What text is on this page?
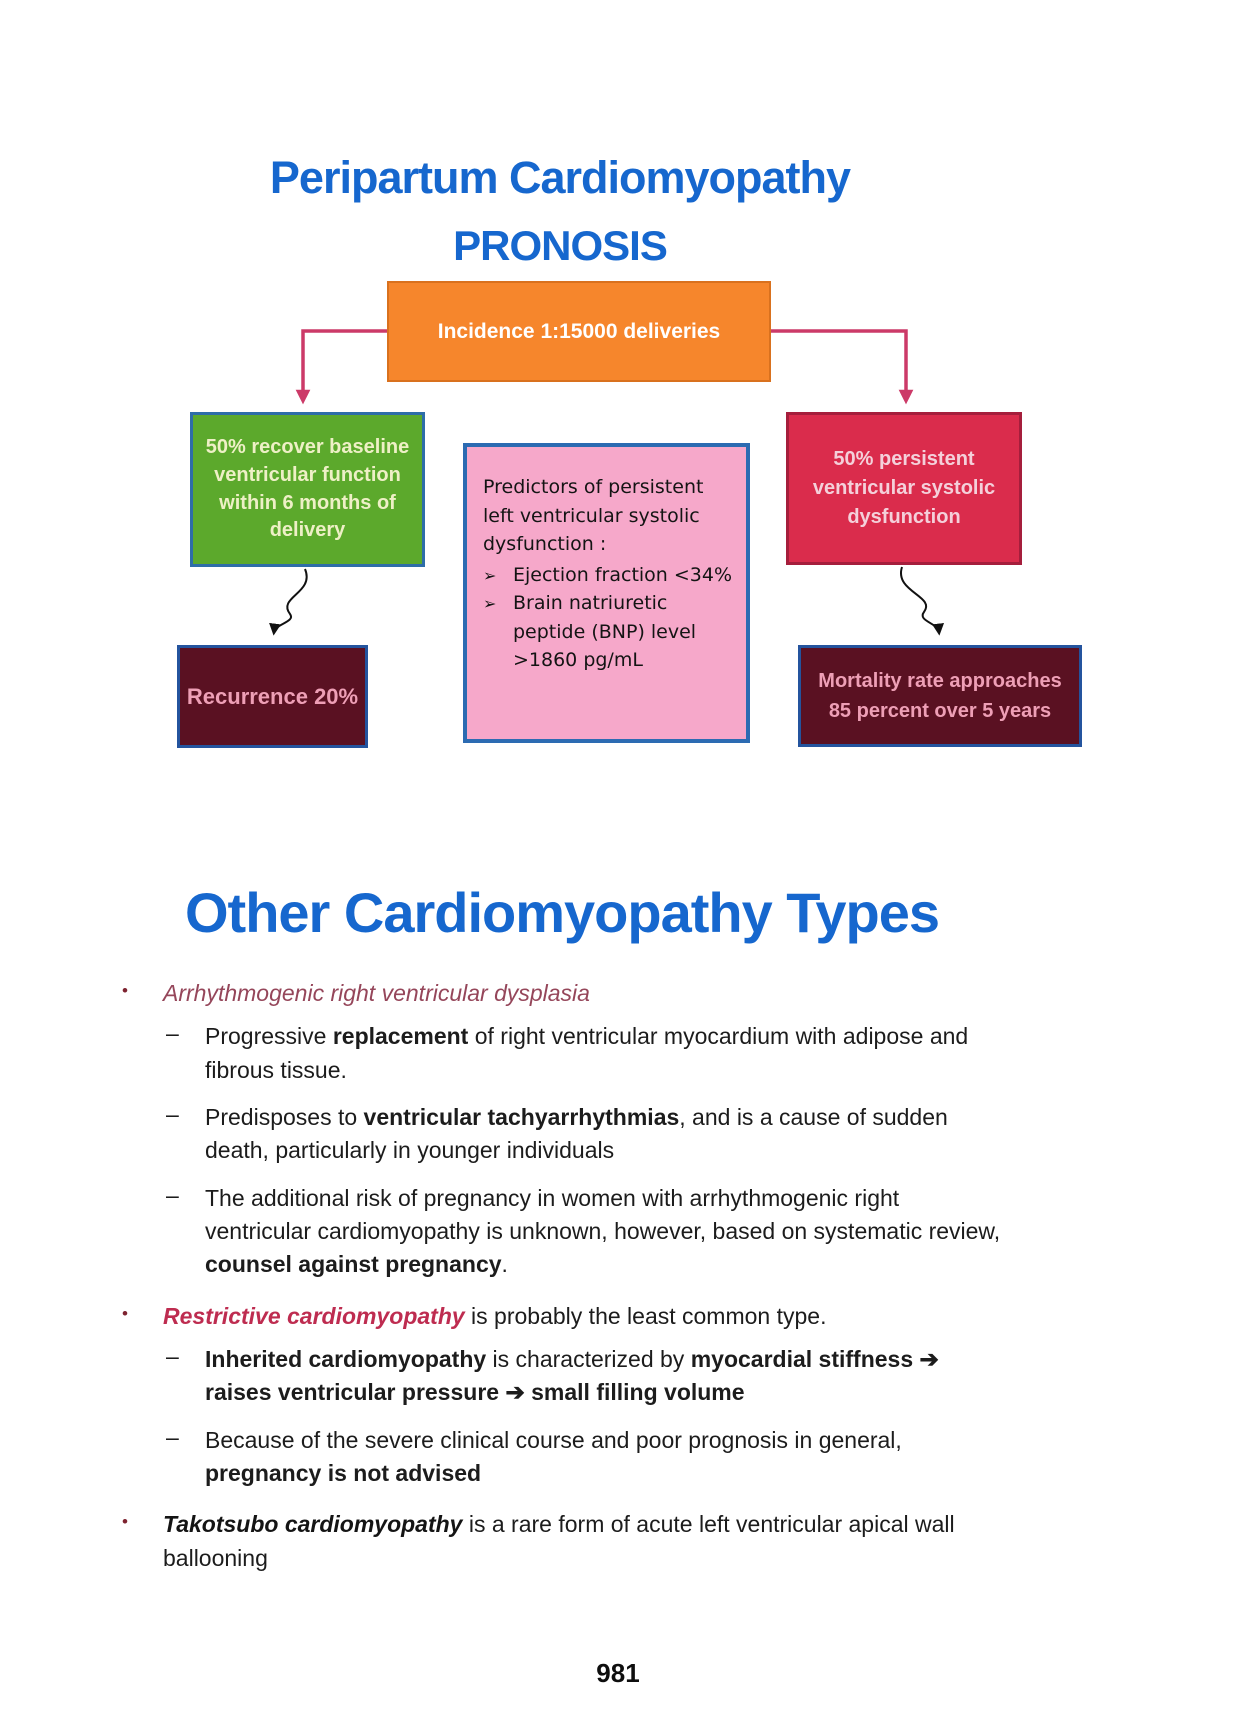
Peripartum Cardiomyopathy
PRONOSIS
Incidence 1:15000 deliveries
50% recover baseline ventricular function within 6 months of delivery
50% persistent ventricular systolic dysfunction
Predictors of persistent left ventricular systolic dysfunction :
➢ Ejection fraction <34%
➢ Brain natriuretic peptide (BNP) level >1860 pg/mL
Recurrence 20%
Mortality rate approaches 85 percent over 5 years
Other Cardiomyopathy Types
•	Arrhythmogenic right ventricular dysplasia
–	Progressive replacement of right ventricular myocardium with adipose and fibrous tissue.
–	Predisposes to ventricular tachyarrhythmias, and is a cause of sudden death, particularly in younger individuals
–	The additional risk of pregnancy in women with arrhythmogenic right ventricular cardiomyopathy is unknown, however, based on systematic review, counsel against pregnancy.
•	Restrictive cardiomyopathy is probably the least common type.
–	Inherited cardiomyopathy is characterized by myocardial stiffness ➔ raises ventricular pressure ➔ small filling volume
–	Because of the severe clinical course and poor prognosis in general, pregnancy is not advised
•	Takotsubo cardiomyopathy is a rare form of acute left ventricular apical wall ballooning
981
